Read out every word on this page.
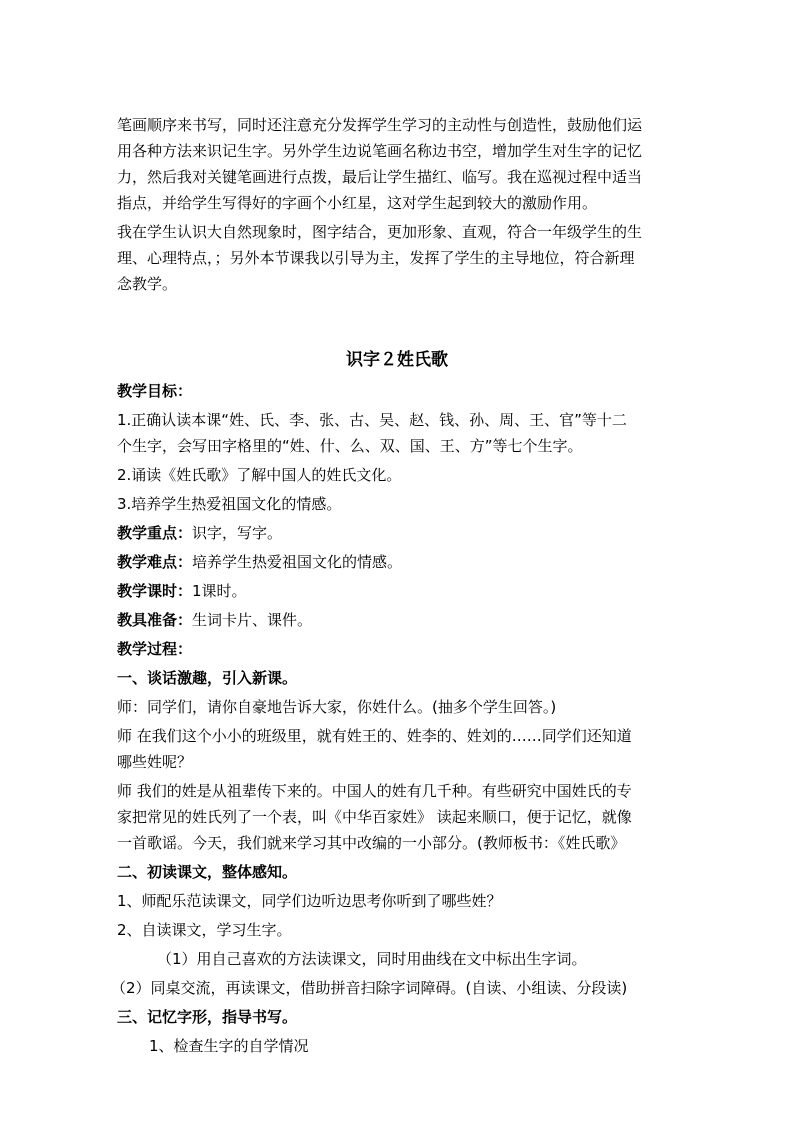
笔画顺序来书写，同时还注意充分发挥学生学习的主动性与创造性，鼓励他们运

用各种方法来识记生字。另外学生边说笔画名称边书空，增加学生对生字的记忆

力，然后我对关键笔画进行点拨，最后让学生描红、临写。我在巡视过程中适当

指点，并给学生写得好的字画个小红星，这对学生起到较大的激励作用。

我在学生认识大自然现象时，图字结合，更加形象、直观，符合一年级学生的生

理、心理特点，；另外本节课我以引导为主，发挥了学生的主导地位，符合新理

念教学。

识字２姓氏歌

教学目标：

1.正确认读本课“姓、氏、李、张、古、吴、赵、钱、孙、周、王、官”等十二

个生字，会写田字格里的“姓、什、么、双、国、王、方”等七个生字。

2.诵读《姓氏歌》了解中国人的姓氏文化。

3.培养学生热爱祖国文化的情感。

教学重点：识字，写字。

教学难点：培养学生热爱祖国文化的情感。

教学课时：1课时。

教具准备：生词卡片、课件。

教学过程：

一、谈话激趣，引入新课。

师：同学们，请你自豪地告诉大家，你姓什么。(抽多个学生回答。)

师 在我们这个小小的班级里，就有姓王的、姓李的、姓刘的……同学们还知道

哪些姓呢？

师 我们的姓是从祖辈传下来的。中国人的姓有几千种。有些研究中国姓氏的专

家把常见的姓氏列了一个表，叫《中华百家姓》 读起来顺口，便于记忆，就像

一首歌谣。今天，我们就来学习其中改编的一小部分。(教师板书：《姓氏歌》

二、初读课文，整体感知。

1、师配乐范读课文，同学们边听边思考你听到了哪些姓？

2、自读课文，学习生字。

（1）用自己喜欢的方法读课文，同时用曲线在文中标出生字词。

（2）同桌交流，再读课文，借助拼音扫除字词障碍。(自读、小组读、分段读)

三、记忆字形，指导书写。

1、检查生字的自学情况
